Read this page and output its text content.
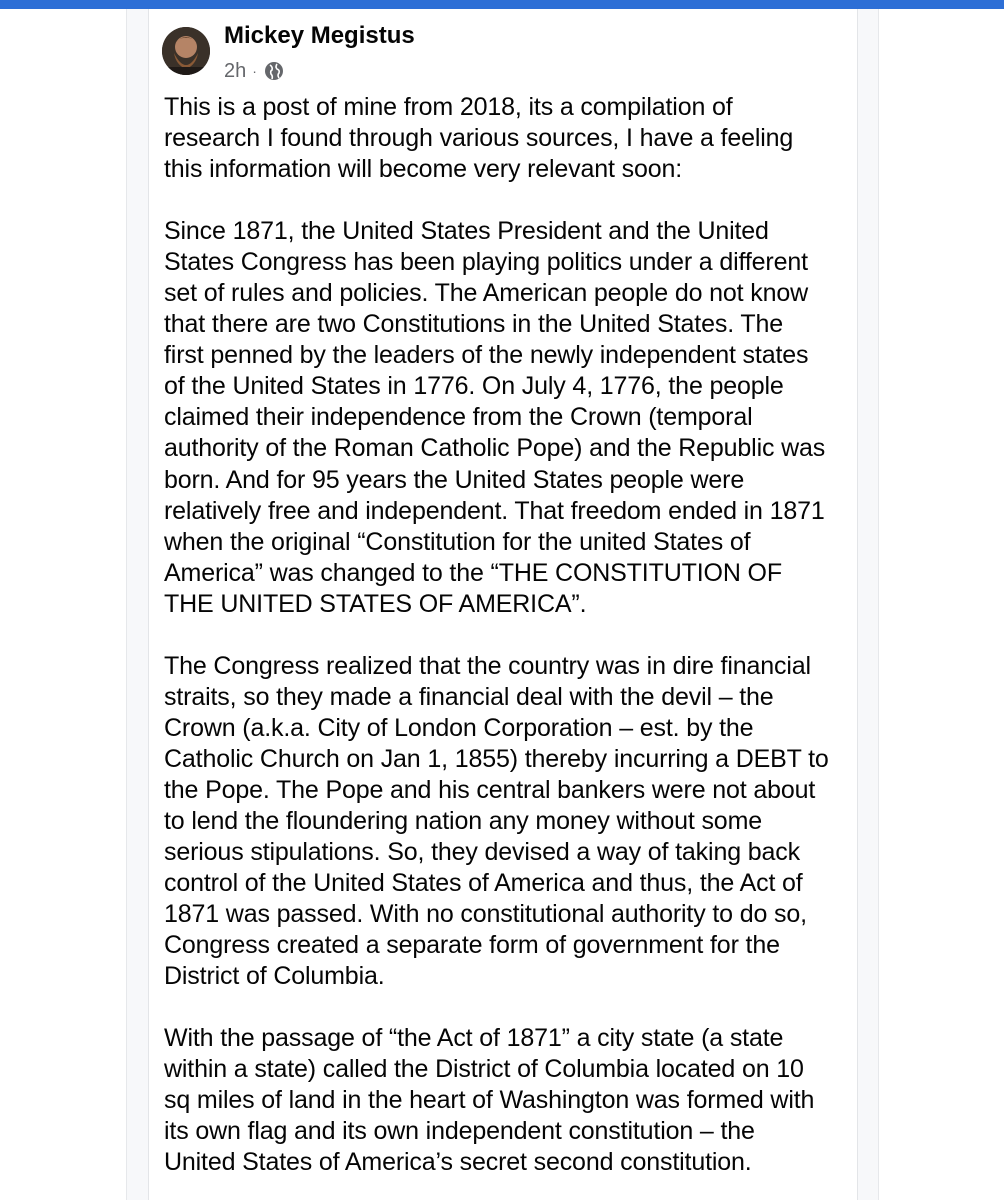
Mickey Megistus
2h ·
This is a post of mine from 2018, its a compilation of
research I found through various sources, I have a feeling
this information will become very relevant soon:
Since 1871, the United States President and the United
States Congress has been playing politics under a different
set of rules and policies. The American people do not know
that there are two Constitutions in the United States. The
first penned by the leaders of the newly independent states
of the United States in 1776. On July 4, 1776, the people
claimed their independence from the Crown (temporal
authority of the Roman Catholic Pope) and the Republic was
born. And for 95 years the United States people were
relatively free and independent. That freedom ended in 1871
when the original “Constitution for the united States of
America” was changed to the “THE CONSTITUTION OF
THE UNITED STATES OF AMERICA”.
The Congress realized that the country was in dire financial
straits, so they made a financial deal with the devil – the
Crown (a.k.a. City of London Corporation – est. by the
Catholic Church on Jan 1, 1855) thereby incurring a DEBT to
the Pope. The Pope and his central bankers were not about
to lend the floundering nation any money without some
serious stipulations. So, they devised a way of taking back
control of the United States of America and thus, the Act of
1871 was passed. With no constitutional authority to do so,
Congress created a separate form of government for the
District of Columbia.
With the passage of “the Act of 1871” a city state (a state
within a state) called the District of Columbia located on 10
sq miles of land in the heart of Washington was formed with
its own flag and its own independent constitution – the
United States of America’s secret second constitution.
